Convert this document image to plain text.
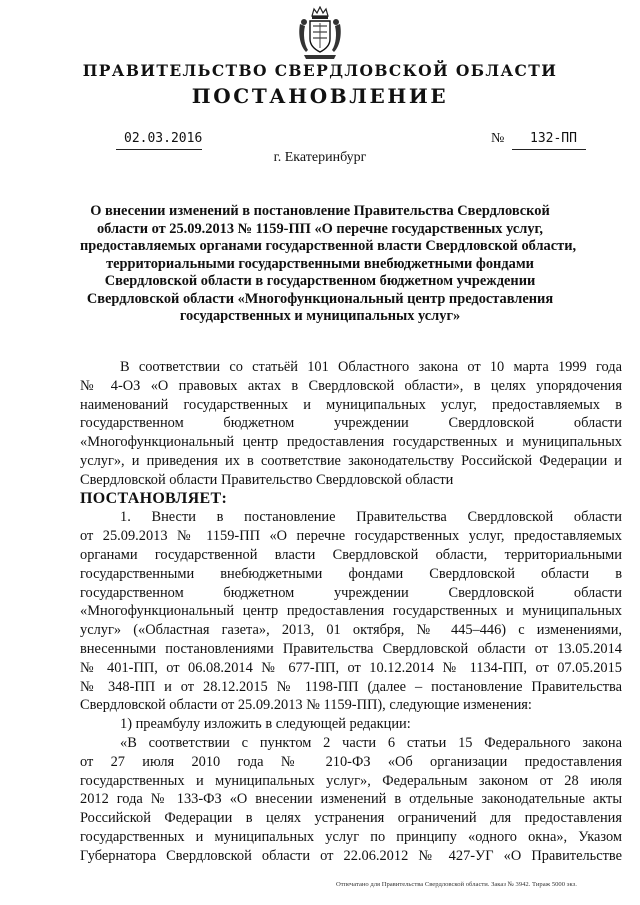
ПРАВИТЕЛЬСТВО СВЕРДЛОВСКОЙ ОБЛАСТИ
ПОСТАНОВЛЕНИЕ
02.03.2016	№ 132-ПП
г. Екатеринбург
О внесении изменений в постановление Правительства Свердловской
области от 25.09.2013 № 1159-ПП «О перечне государственных услуг,
предоставляемых органами государственной власти Свердловской области,
территориальными государственными внебюджетными фондами
Свердловской области в государственном бюджетном учреждении
Свердловской области «Многофункциональный центр предоставления
государственных и муниципальных услуг»
В соответствии со статьёй 101 Областного закона от 10 марта 1999 года
№ 4-ОЗ «О правовых актах в Свердловской области», в целях упорядочения
наименований государственных и муниципальных услуг, предоставляемых в
государственном бюджетном учреждении Свердловской области
«Многофункциональный центр предоставления государственных и муниципальных
услуг», и приведения их в соответствие законодательству Российской Федерации и
Свердловской области Правительство Свердловской области
ПОСТАНОВЛЯЕТ:
1. Внести в постановление Правительства Свердловской области
от 25.09.2013 № 1159-ПП «О перечне государственных услуг, предоставляемых
органами государственной власти Свердловской области, территориальными
государственными внебюджетными фондами Свердловской области в
государственном бюджетном учреждении Свердловской области
«Многофункциональный центр предоставления государственных и муниципальных
услуг» («Областная газета», 2013, 01 октября, № 445–446) с изменениями,
внесенными постановлениями Правительства Свердловской области от 13.05.2014
№ 401-ПП, от 06.08.2014 № 677-ПП, от 10.12.2014 № 1134-ПП, от 07.05.2015
№ 348-ПП и от 28.12.2015 № 1198-ПП (далее – постановление Правительства
Свердловской области от 25.09.2013 № 1159-ПП), следующие изменения:
1) преамбулу изложить в следующей редакции:
«В соответствии с пунктом 2 части 6 статьи 15 Федерального закона
от 27 июля 2010 года № 210-ФЗ «Об организации предоставления
государственных и муниципальных услуг», Федеральным законом от 28 июля
2012 года № 133-ФЗ «О внесении изменений в отдельные законодательные акты
Российской Федерации в целях устранения ограничений для предоставления
государственных и муниципальных услуг по принципу «одного окна», Указом
Губернатора Свердловской области от 22.06.2012 № 427-УГ «О Правительстве
Отпечатано для Правительства Свердловской области. Заказ № 3942. Тираж 5000 экз.
